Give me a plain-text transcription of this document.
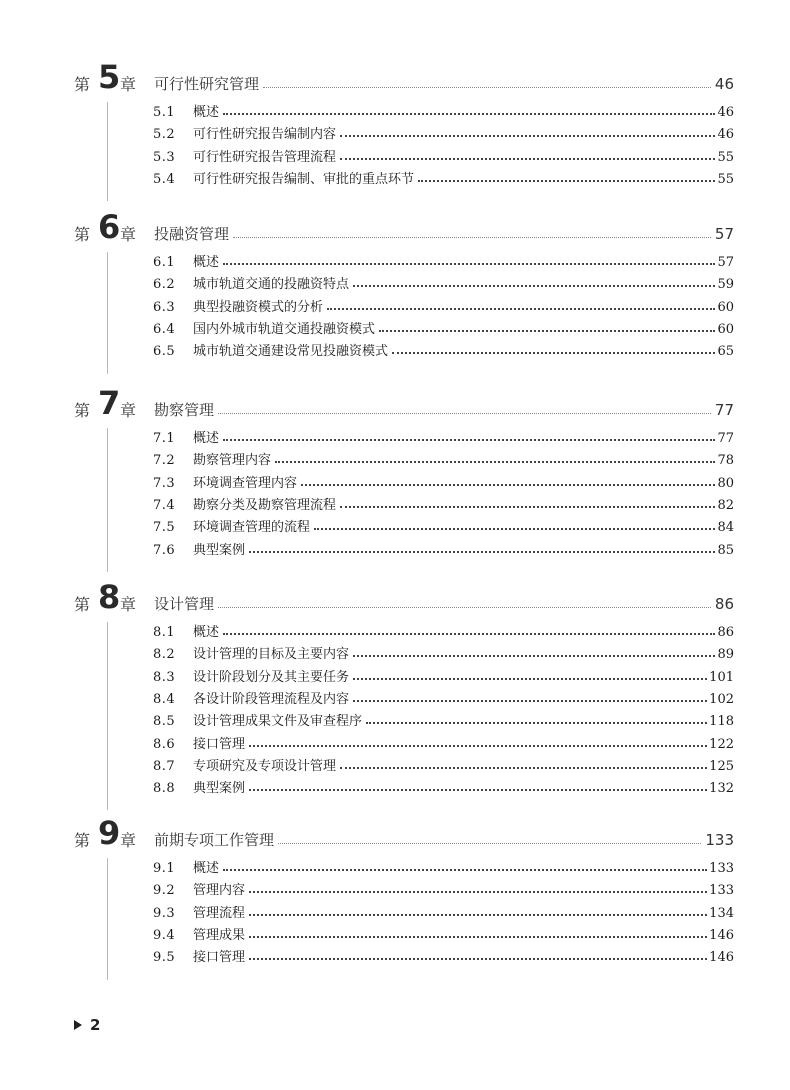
第 5 章 可行性研究管理	46
5.1	概述	46
5.2	可行性研究报告编制内容	46
5.3	可行性研究报告管理流程	55
5.4	可行性研究报告编制、审批的重点环节	55
第 6 章 投融资管理	57
6.1	概述	57
6.2	城市轨道交通的投融资特点	59
6.3	典型投融资模式的分析	60
6.4	国内外城市轨道交通投融资模式	60
6.5	城市轨道交通建设常见投融资模式	65
第 7 章 勘察管理	77
7.1	概述	77
7.2	勘察管理内容	78
7.3	环境调查管理内容	80
7.4	勘察分类及勘察管理流程	82
7.5	环境调查管理的流程	84
7.6	典型案例	85
第 8 章 设计管理	86
8.1	概述	86
8.2	设计管理的目标及主要内容	89
8.3	设计阶段划分及其主要任务	101
8.4	各设计阶段管理流程及内容	102
8.5	设计管理成果文件及审查程序	118
8.6	接口管理	122
8.7	专项研究及专项设计管理	125
8.8	典型案例	132
第 9 章 前期专项工作管理	133
9.1	概述	133
9.2	管理内容	133
9.3	管理流程	134
9.4	管理成果	146
9.5	接口管理	146
2
